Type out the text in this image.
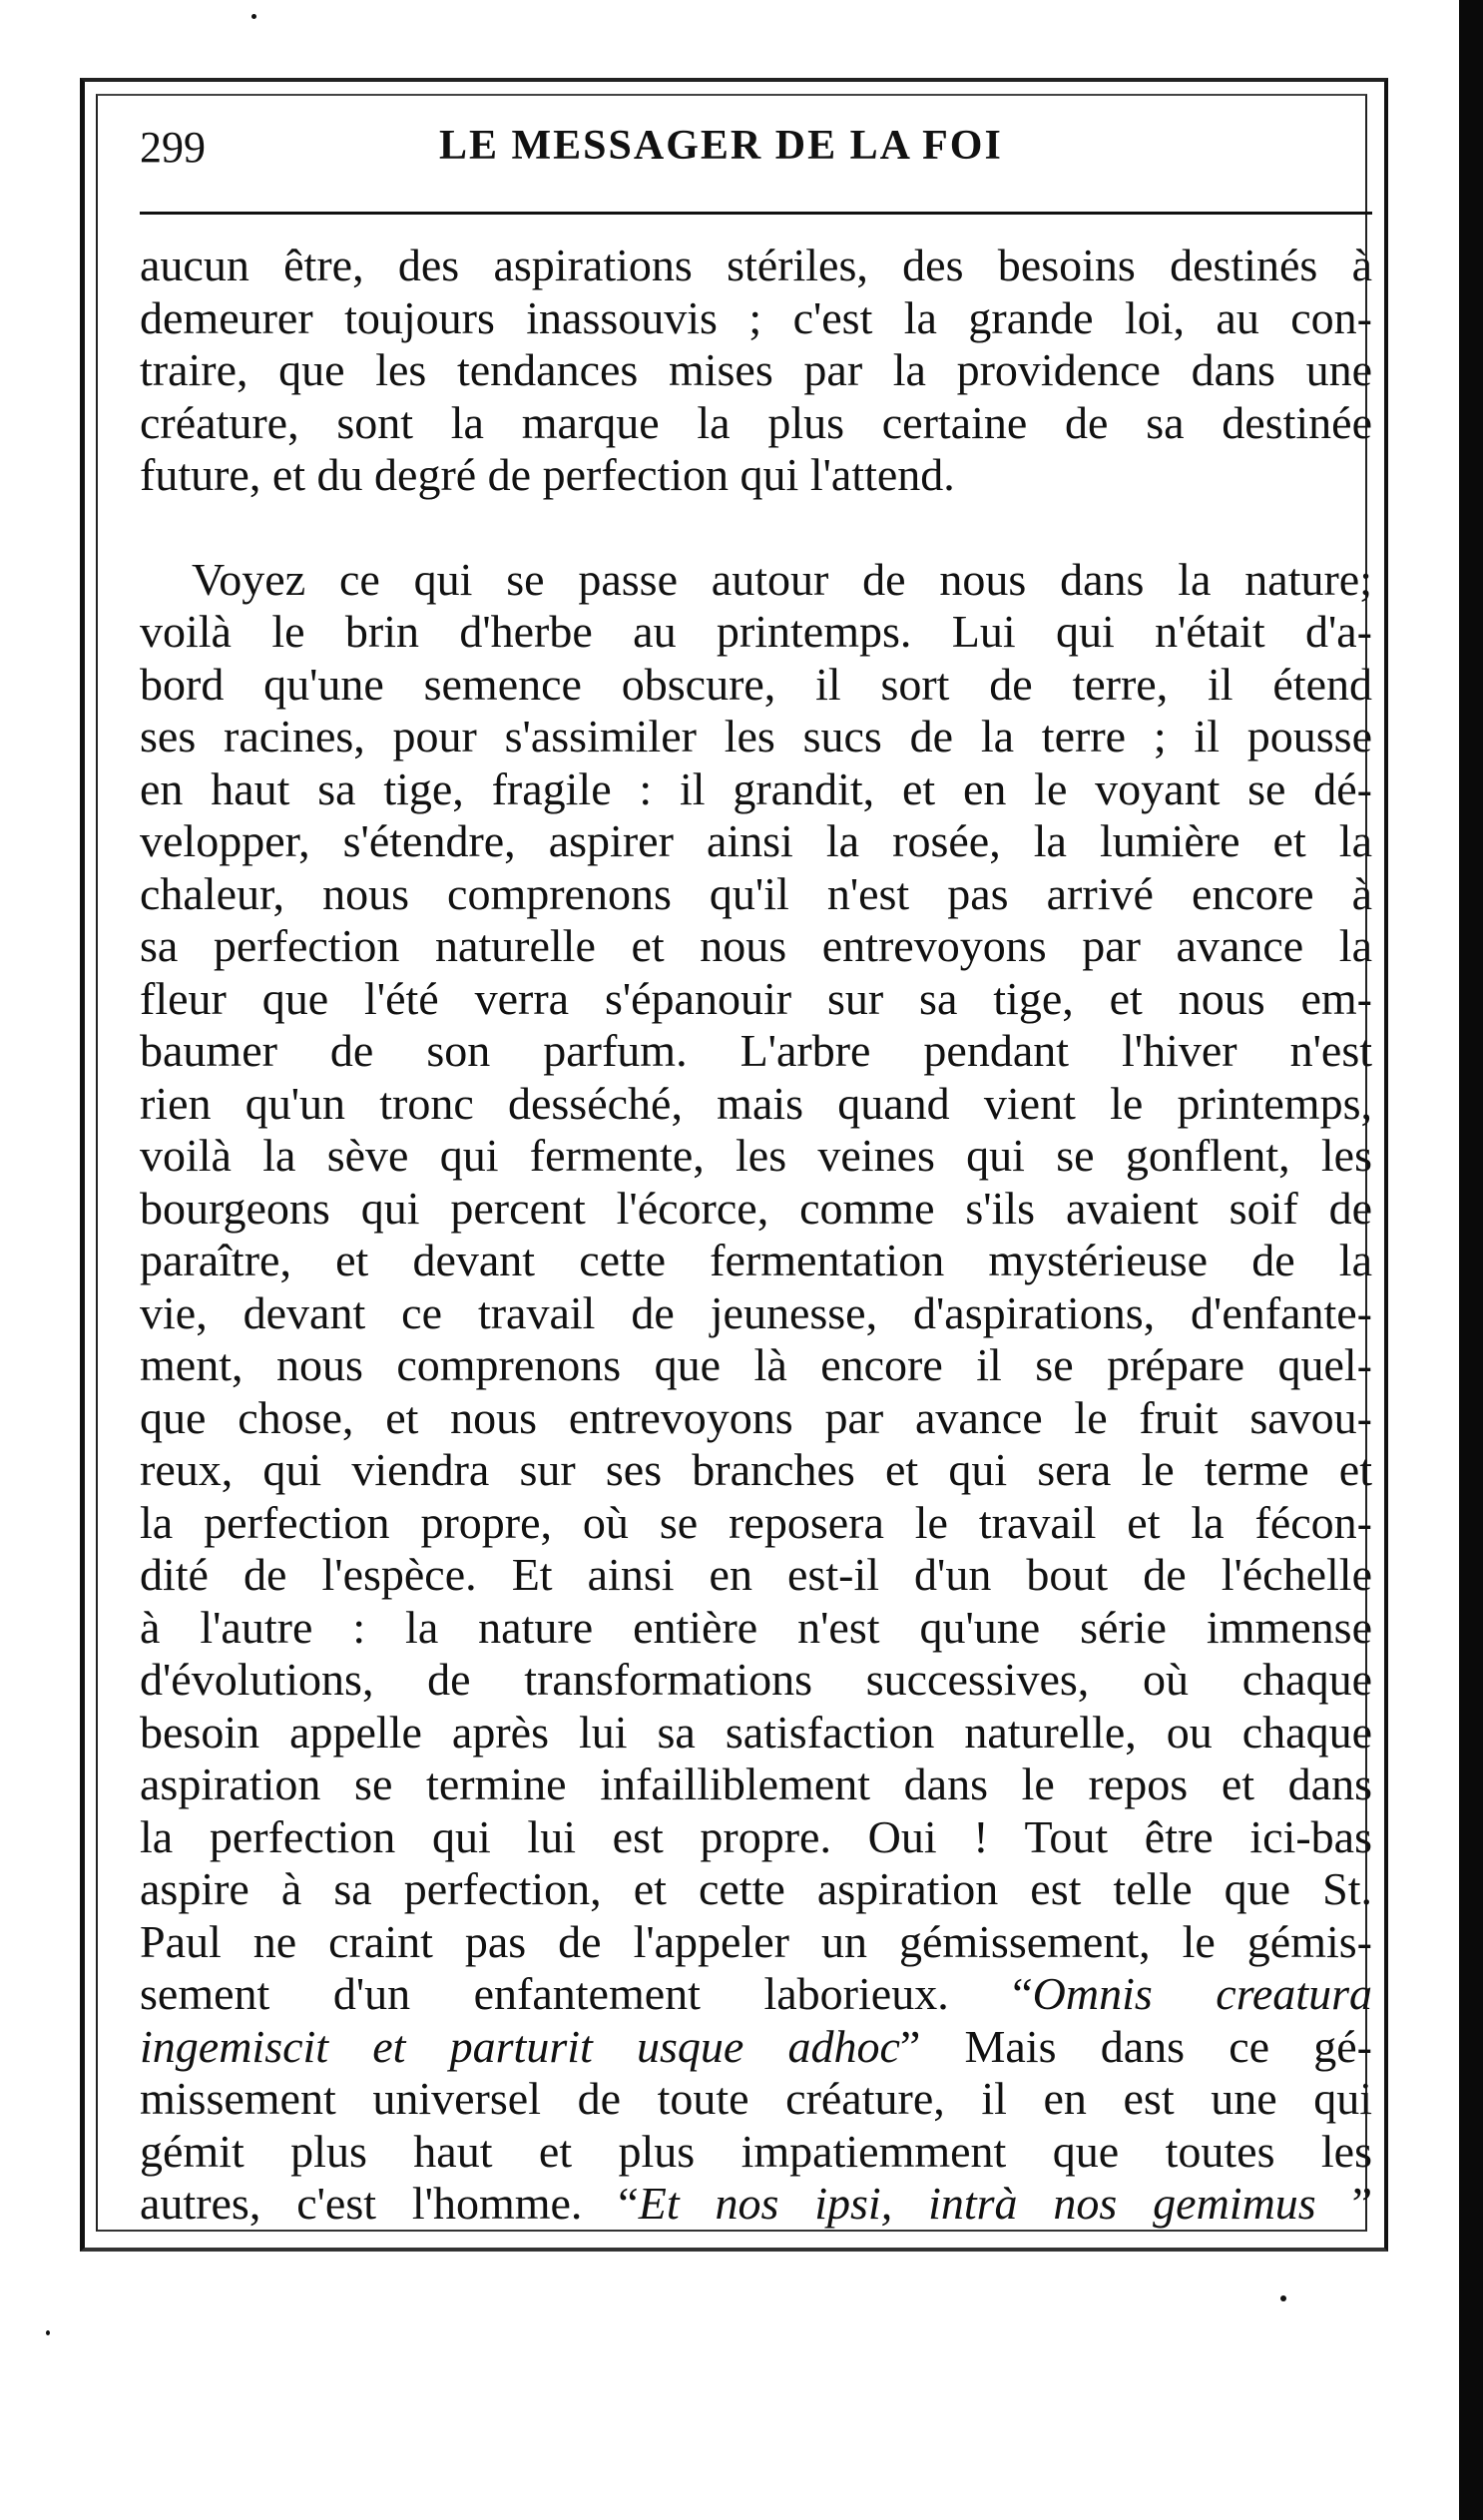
299	LE MESSAGER DE LA FOI
aucun être, des aspirations stériles, des besoins destinés à
demeurer toujours inassouvis ; c'est la grande loi, au con-
traire, que les tendances mises par la providence dans une
créature, sont la marque la plus certaine de sa destinée
future, et du degré de perfection qui l'attend.
Voyez ce qui se passe autour de nous dans la nature;
voilà le brin d'herbe au printemps. Lui qui n'était d'a-
bord qu'une semence obscure, il sort de terre, il étend
ses racines, pour s'assimiler les sucs de la terre ; il pousse
en haut sa tige, fragile : il grandit, et en le voyant se dé-
velopper, s'étendre, aspirer ainsi la rosée, la lumière et la
chaleur, nous comprenons qu'il n'est pas arrivé encore à
sa perfection naturelle et nous entrevoyons par avance la
fleur que l'été verra s'épanouir sur sa tige, et nous em-
baumer de son parfum. L'arbre pendant l'hiver n'est
rien qu'un tronc desséché, mais quand vient le printemps,
voilà la sève qui fermente, les veines qui se gonflent, les
bourgeons qui percent l'écorce, comme s'ils avaient soif de
paraître, et devant cette fermentation mystérieuse de la
vie, devant ce travail de jeunesse, d'aspirations, d'enfante-
ment, nous comprenons que là encore il se prépare quel-
que chose, et nous entrevoyons par avance le fruit savou-
reux, qui viendra sur ses branches et qui sera le terme et
la perfection propre, où se reposera le travail et la fécon-
dité de l'espèce. Et ainsi en est-il d'un bout de l'échelle
à l'autre : la nature entière n'est qu'une série immense
d'évolutions, de transformations successives, où chaque
besoin appelle après lui sa satisfaction naturelle, ou chaque
aspiration se termine infailliblement dans le repos et dans
la perfection qui lui est propre. Oui ! Tout être ici-bas
aspire à sa perfection, et cette aspiration est telle que St.
Paul ne craint pas de l'appeler un gémissement, le gémis-
sement d'un enfantement laborieux. “Omnis creatura
ingemiscit et parturit usque adhoc” Mais dans ce gé-
missement universel de toute créature, il en est une qui
gémit plus haut et plus impatiemment que toutes les
autres, c'est l'homme. “Et nos ipsi, intrà nos gemimus ”
